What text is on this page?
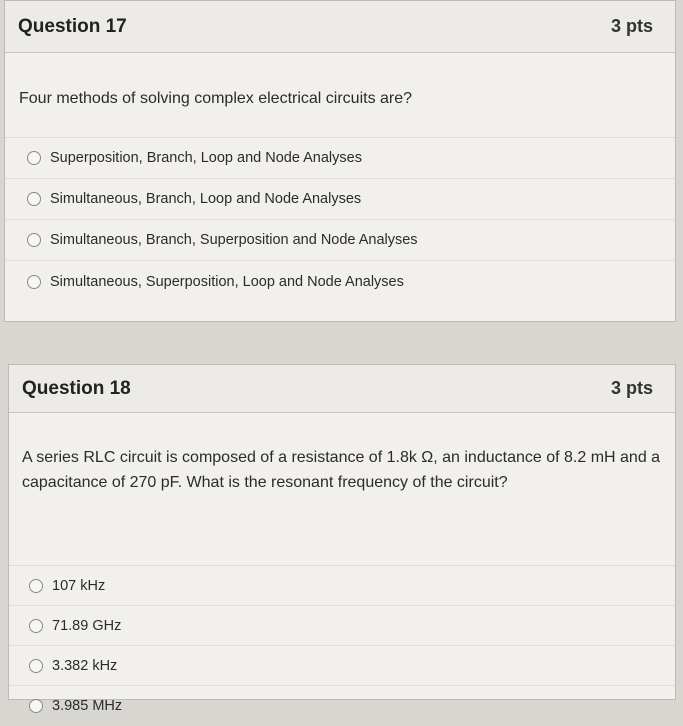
Question 17	3 pts
Four methods of solving complex electrical circuits are?
Superposition, Branch, Loop and Node Analyses
Simultaneous, Branch, Loop and Node Analyses
Simultaneous, Branch, Superposition and Node Analyses
Simultaneous, Superposition, Loop and Node Analyses
Question 18	3 pts
A series RLC circuit is composed of a resistance of 1.8k Ω, an inductance of 8.2 mH and a capacitance of 270 pF. What is the resonant frequency of the circuit?
107 kHz
71.89 GHz
3.382 kHz
3.985 MHz
